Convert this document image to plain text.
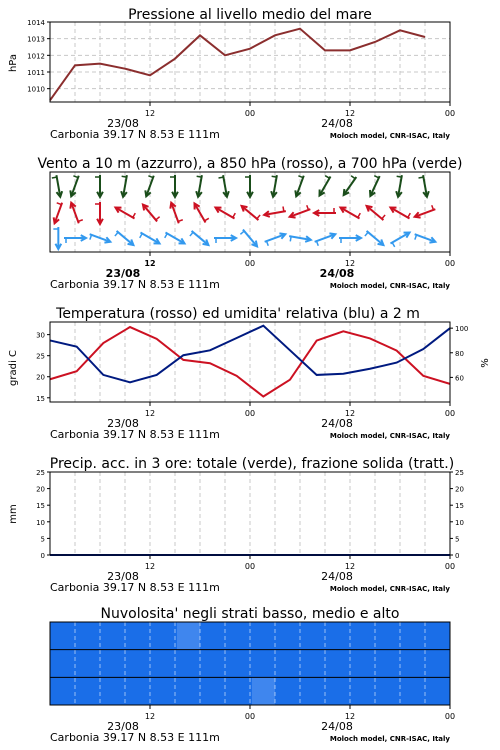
Pressione al livello medio del mare
Vento a 10 m (azzurro), a 850 hPa (rosso), a 700 hPa (verde)
Temperatura (rosso) ed umidita' relativa (blu) a 2 m
Precip. acc. in 3 ore: totale (verde), frazione solida (tratt.)
Nuvolosita' negli strati basso, medio e alto
hPa
gradi C	%
mm
12	00	12	00
23/08	24/08
Carbonia 39.17 N 8.53 E 111m	Moloch model, CNR-ISAC, Italy
12	00	12	00
23/08	24/08
Carbonia 39.17 N 8.53 E 111m	Moloch model, CNR-ISAC, Italy
12	00	12	00
23/08	24/08
Carbonia 39.17 N 8.53 E 111m	Moloch model, CNR-ISAC, Italy
12	00	12	00
23/08	24/08
Carbonia 39.17 N 8.53 E 111m	Moloch model, CNR-ISAC, Italy
12	00	12	00
23/08	24/08
Carbonia 39.17 N 8.53 E 111m	Moloch model, CNR-ISAC, Italy
1010
1011
1012
1013
1014
15
20
25
30
60
80
100
0
5
10
15
20
25
0
5
10
15
20
25
